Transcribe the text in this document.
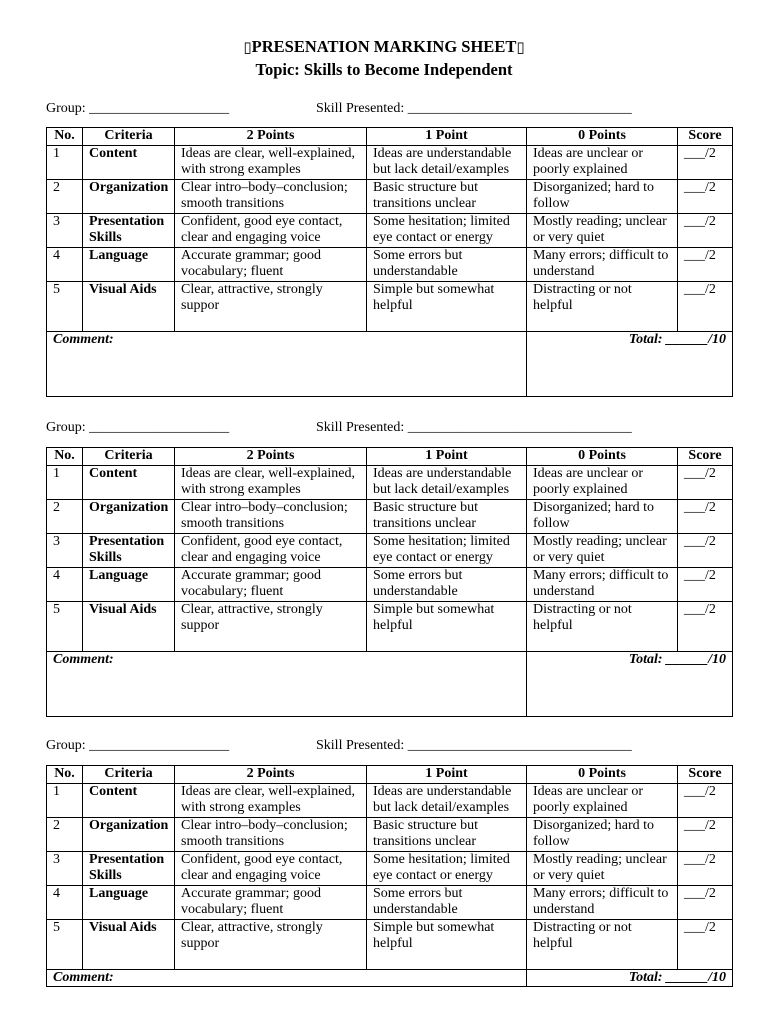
▯PRESENATION MARKING SHEET▯
Topic: Skills to Become Independent
Group: ____________________	Skill Presented: ________________________________
No.	Criteria	2 Points	1 Point	0 Points	Score
1	Content	Ideas are clear, well-explained, with strong examples	Ideas are understandable but lack detail/examples	Ideas are unclear or poorly explained	___/2
2	Organization	Clear intro–body–conclusion; smooth transitions	Basic structure but transitions unclear	Disorganized; hard to follow	___/2
3	Presentation Skills	Confident, good eye contact, clear and engaging voice	Some hesitation; limited eye contact or energy	Mostly reading; unclear or very quiet	___/2
4	Language	Accurate grammar; good vocabulary; fluent	Some errors but understandable	Many errors; difficult to understand	___/2
5	Visual Aids	Clear, attractive, strongly suppor	Simple but somewhat helpful	Distracting or not helpful	___/2
Comment:				Total: ______/10	
Group: ____________________	Skill Presented: ________________________________
No.	Criteria	2 Points	1 Point	0 Points	Score
1	Content	Ideas are clear, well-explained, with strong examples	Ideas are understandable but lack detail/examples	Ideas are unclear or poorly explained	___/2
2	Organization	Clear intro–body–conclusion; smooth transitions	Basic structure but transitions unclear	Disorganized; hard to follow	___/2
3	Presentation Skills	Confident, good eye contact, clear and engaging voice	Some hesitation; limited eye contact or energy	Mostly reading; unclear or very quiet	___/2
4	Language	Accurate grammar; good vocabulary; fluent	Some errors but understandable	Many errors; difficult to understand	___/2
5	Visual Aids	Clear, attractive, strongly suppor	Simple but somewhat helpful	Distracting or not helpful	___/2
Comment:				Total: ______/10	
Group: ____________________	Skill Presented: ________________________________
No.	Criteria	2 Points	1 Point	0 Points	Score
1	Content	Ideas are clear, well-explained, with strong examples	Ideas are understandable but lack detail/examples	Ideas are unclear or poorly explained	___/2
2	Organization	Clear intro–body–conclusion; smooth transitions	Basic structure but transitions unclear	Disorganized; hard to follow	___/2
3	Presentation Skills	Confident, good eye contact, clear and engaging voice	Some hesitation; limited eye contact or energy	Mostly reading; unclear or very quiet	___/2
4	Language	Accurate grammar; good vocabulary; fluent	Some errors but understandable	Many errors; difficult to understand	___/2
5	Visual Aids	Clear, attractive, strongly suppor	Simple but somewhat helpful	Distracting or not helpful	___/2
Comment:				Total: ______/10	
